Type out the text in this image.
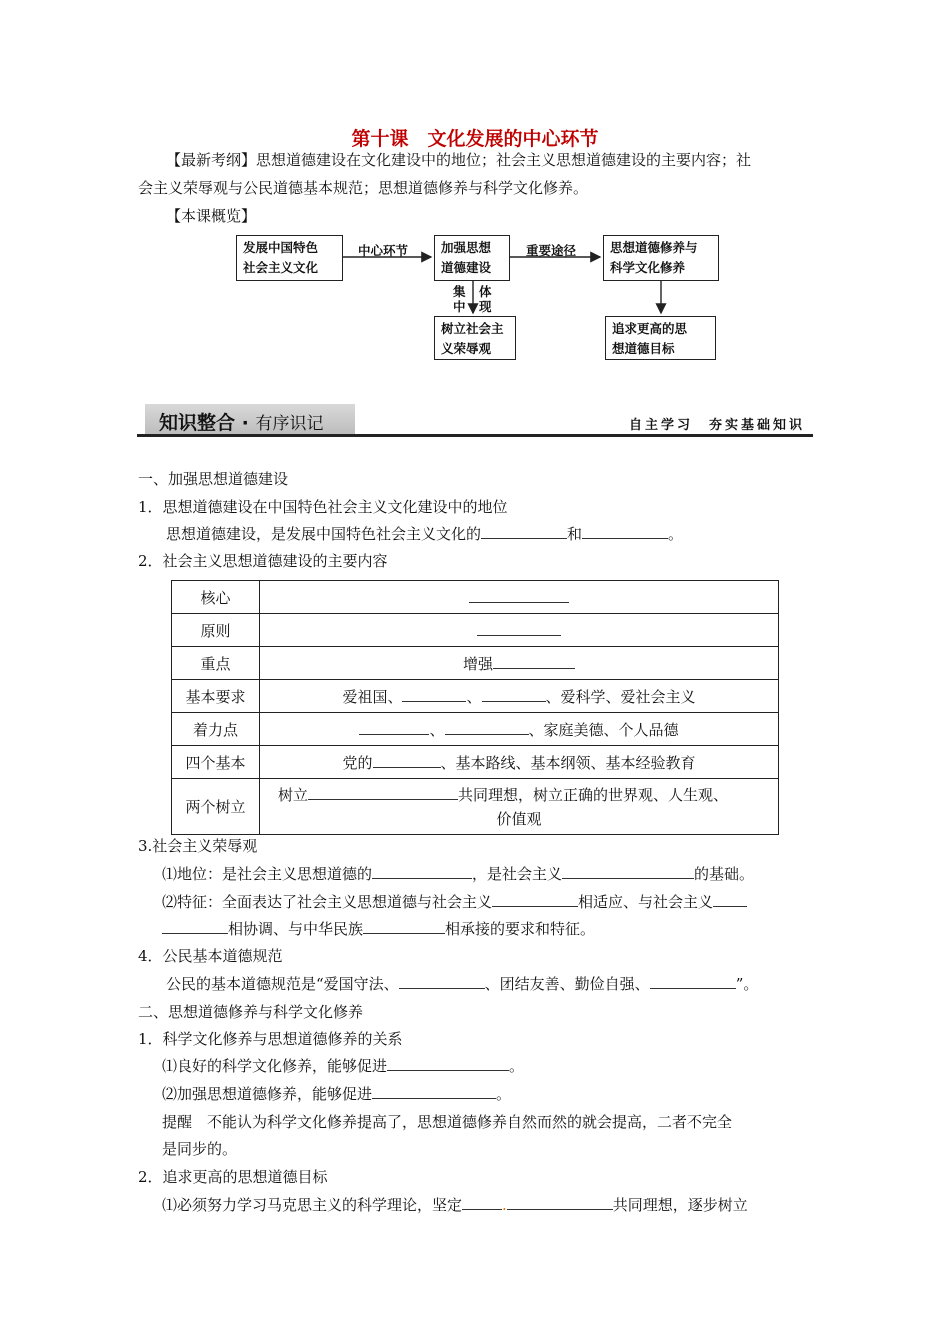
第十课　文化发展的中心环节
【最新考纲】思想道德建设在文化建设中的地位；社会主义思想道德建设的主要内容；社
会主义荣辱观与公民道德基本规范；思想道德修养与科学文化修养。
【本课概览】
发展中国特色
社会主义文化
中心环节	加强思想
道德建设
重要途径	思想道德修养与
科学文化修养
集
中
体
现
树立社会主
义荣辱观
追求更高的思
想道德目标
知识整合 · 有序识记	自主学习　夯实基础知识
一、加强思想道德建设
1．思想道德建设在中国特色社会主义文化建设中的地位
思想道德建设，是发展中国特色社会主义文化的	和	。
2．社会主义思想道德建设的主要内容
核心	
原则	
重点	增强
基本要求	爱祖国、 、 、爱科学、爱社会主义
着力点	、 、家庭美德、个人品德
四个基本	党的 、基本路线、基本纲领、基本经验教育
两个树立	树立 共同理想，树立正确的世界观、人生观、
价值观
3.社会主义荣辱观
⑴地位：是社会主义思想道德的	，是社会主义	的基础。
⑵特征：全面表达了社会主义思想道德与社会主义	相适应、与社会主义
相协调、与中华民族	相承接的要求和特征。
4．公民基本道德规范
公民的基本道德规范是“爱国守法、	、团结友善、勤俭自强、	”。
二、思想道德修养与科学文化修养
1．科学文化修养与思想道德修养的关系
⑴良好的科学文化修养，能够促进	。
⑵加强思想道德修养，能够促进	。
提醒　不能认为科学文化修养提高了，思想道德修养自然而然的就会提高，二者不完全
是同步的。
2．追求更高的思想道德目标
⑴必须努力学习马克思主义的科学理论，坚定	.	共同理想，逐步树立
